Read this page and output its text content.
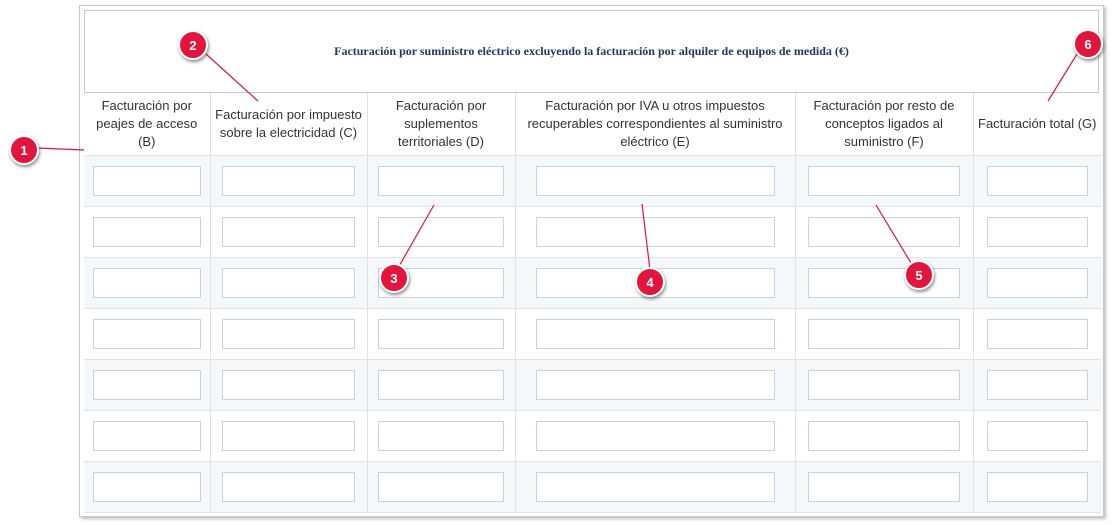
Facturación por suministro eléctrico excluyendo la facturación por alquiler de equipos de medida (€)
Facturación por peajes de acceso (B)	Facturación por impuesto sobre la electricidad (C)	Facturación por suplementos territoriales (D)	Facturación por IVA u otros impuestos recuperables correspondientes al suministro eléctrico (E)	Facturación por resto de conceptos ligados al suministro (F)	Facturación total (G)

1
2
3	4	5
6
